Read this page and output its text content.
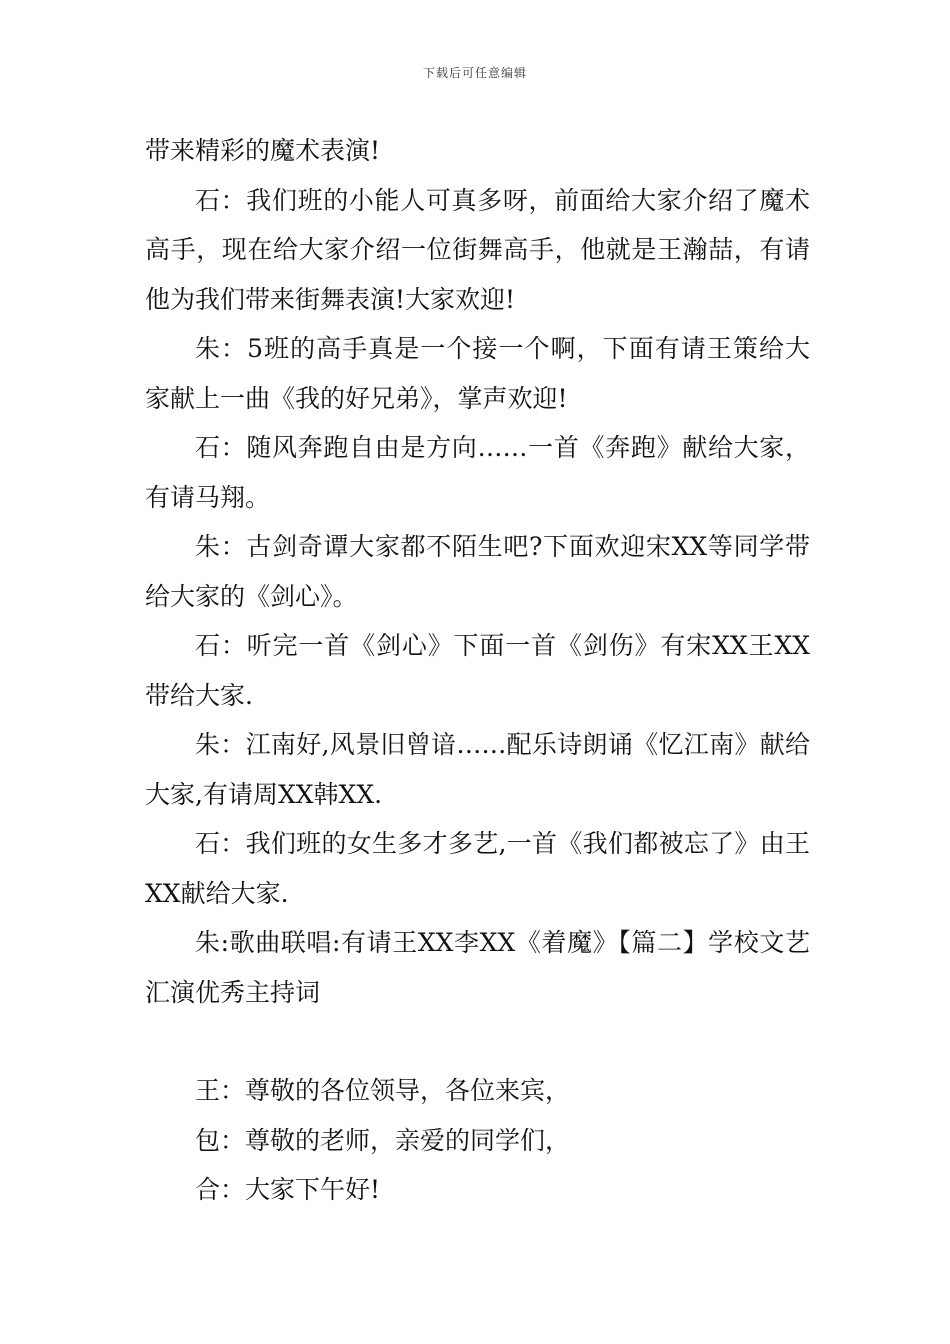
下载后可任意编辑

带来精彩的魔术表演!

石：我们班的小能人可真多呀，前面给大家介绍了魔术高手，现在给大家介绍一位街舞高手，他就是王瀚喆，有请他为我们带来街舞表演!大家欢迎!

朱：5班的高手真是一个接一个啊，下面有请王策给大家献上一曲《我的好兄弟》，掌声欢迎!

石：随风奔跑自由是方向……一首《奔跑》献给大家，有请马翔。

朱：古剑奇谭大家都不陌生吧?下面欢迎宋XX等同学带给大家的《剑心》。

石：听完一首《剑心》下面一首《剑伤》有宋XX王XX带给大家.

朱：江南好,风景旧曾谙……配乐诗朗诵《忆江南》献给大家,有请周XX韩XX.

石：我们班的女生多才多艺,一首《我们都被忘了》由王XX献给大家.

朱:歌曲联唱:有请王XX李XX《着魔》【篇二】学校文艺汇演优秀主持词

王：尊敬的各位领导，各位来宾，

包：尊敬的老师，亲爱的同学们，

合：大家下午好!
